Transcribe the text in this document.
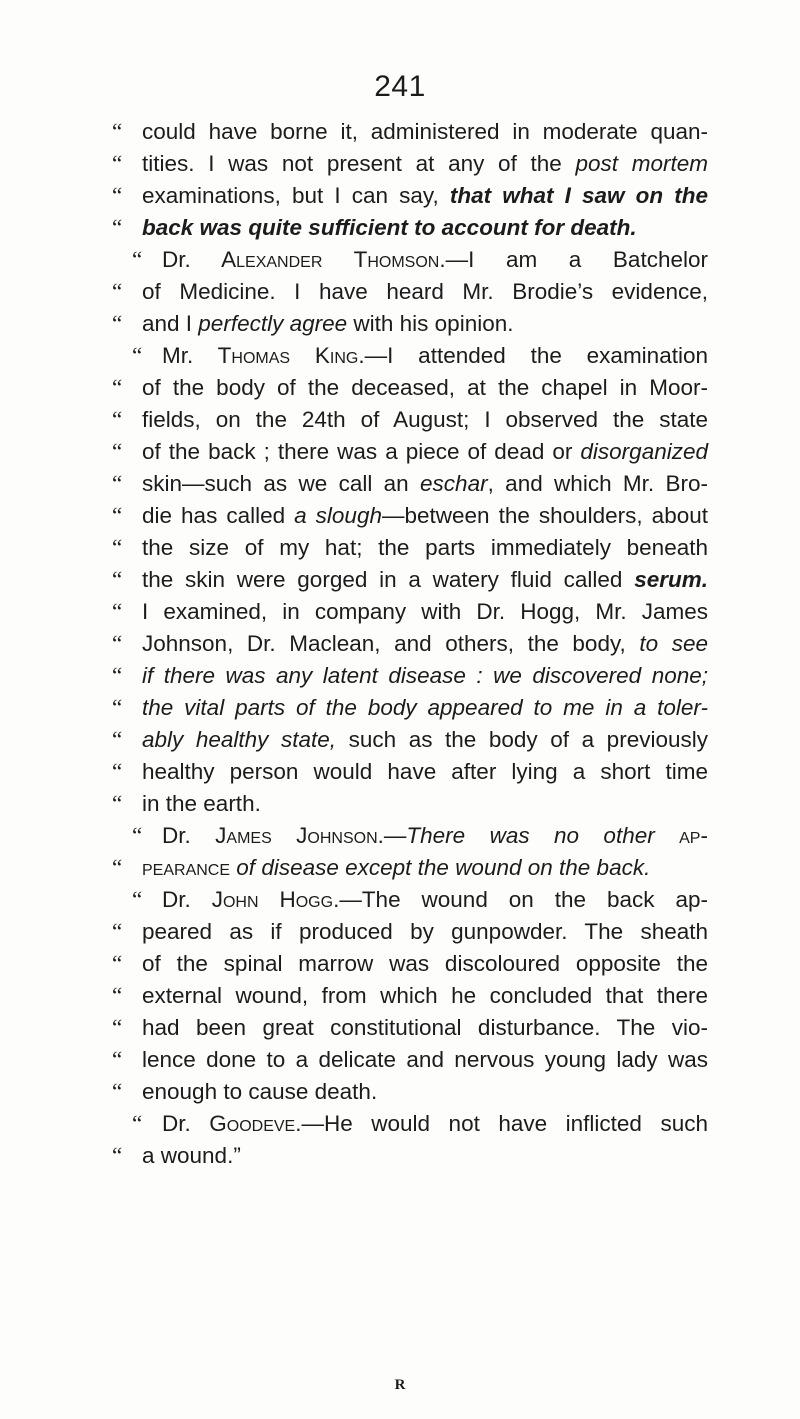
241
“ could have borne it, administered in moderate quan-
“ tities. I was not present at any of the post mortem
“ examinations, but I can say, that what I saw on the
“ back was quite sufficient to account for death.
“ Dr. Alexander Thomson.—I am a Batchelor
“ of Medicine. I have heard Mr. Brodie’s evidence,
“ and I perfectly agree with his opinion.
“ Mr. Thomas King.—I attended the examination
“ of the body of the deceased, at the chapel in Moor-
“ fields, on the 24th of August; I observed the state
“ of the back ; there was a piece of dead or disorganized
“ skin—such as we call an eschar, and which Mr. Bro-
“ die has called a slough—between the shoulders, about
“ the size of my hat; the parts immediately beneath
“ the skin were gorged in a watery fluid called serum.
“ I examined, in company with Dr. Hogg, Mr. James
“ Johnson, Dr. Maclean, and others, the body, to see
“ if there was any latent disease : we discovered none;
“ the vital parts of the body appeared to me in a toler-
“ ably healthy state, such as the body of a previously
“ healthy person would have after lying a short time
“ in the earth.
“ Dr. James Johnson.—There was no other ap-
“ pearance of disease except the wound on the back.
“ Dr. John Hogg.—The wound on the back ap-
“ peared as if produced by gunpowder. The sheath
“ of the spinal marrow was discoloured opposite the
“ external wound, from which he concluded that there
“ had been great constitutional disturbance. The vio-
“ lence done to a delicate and nervous young lady was
“ enough to cause death.
“ Dr. Goodeve.—He would not have inflicted such
“ a wound.”
R
